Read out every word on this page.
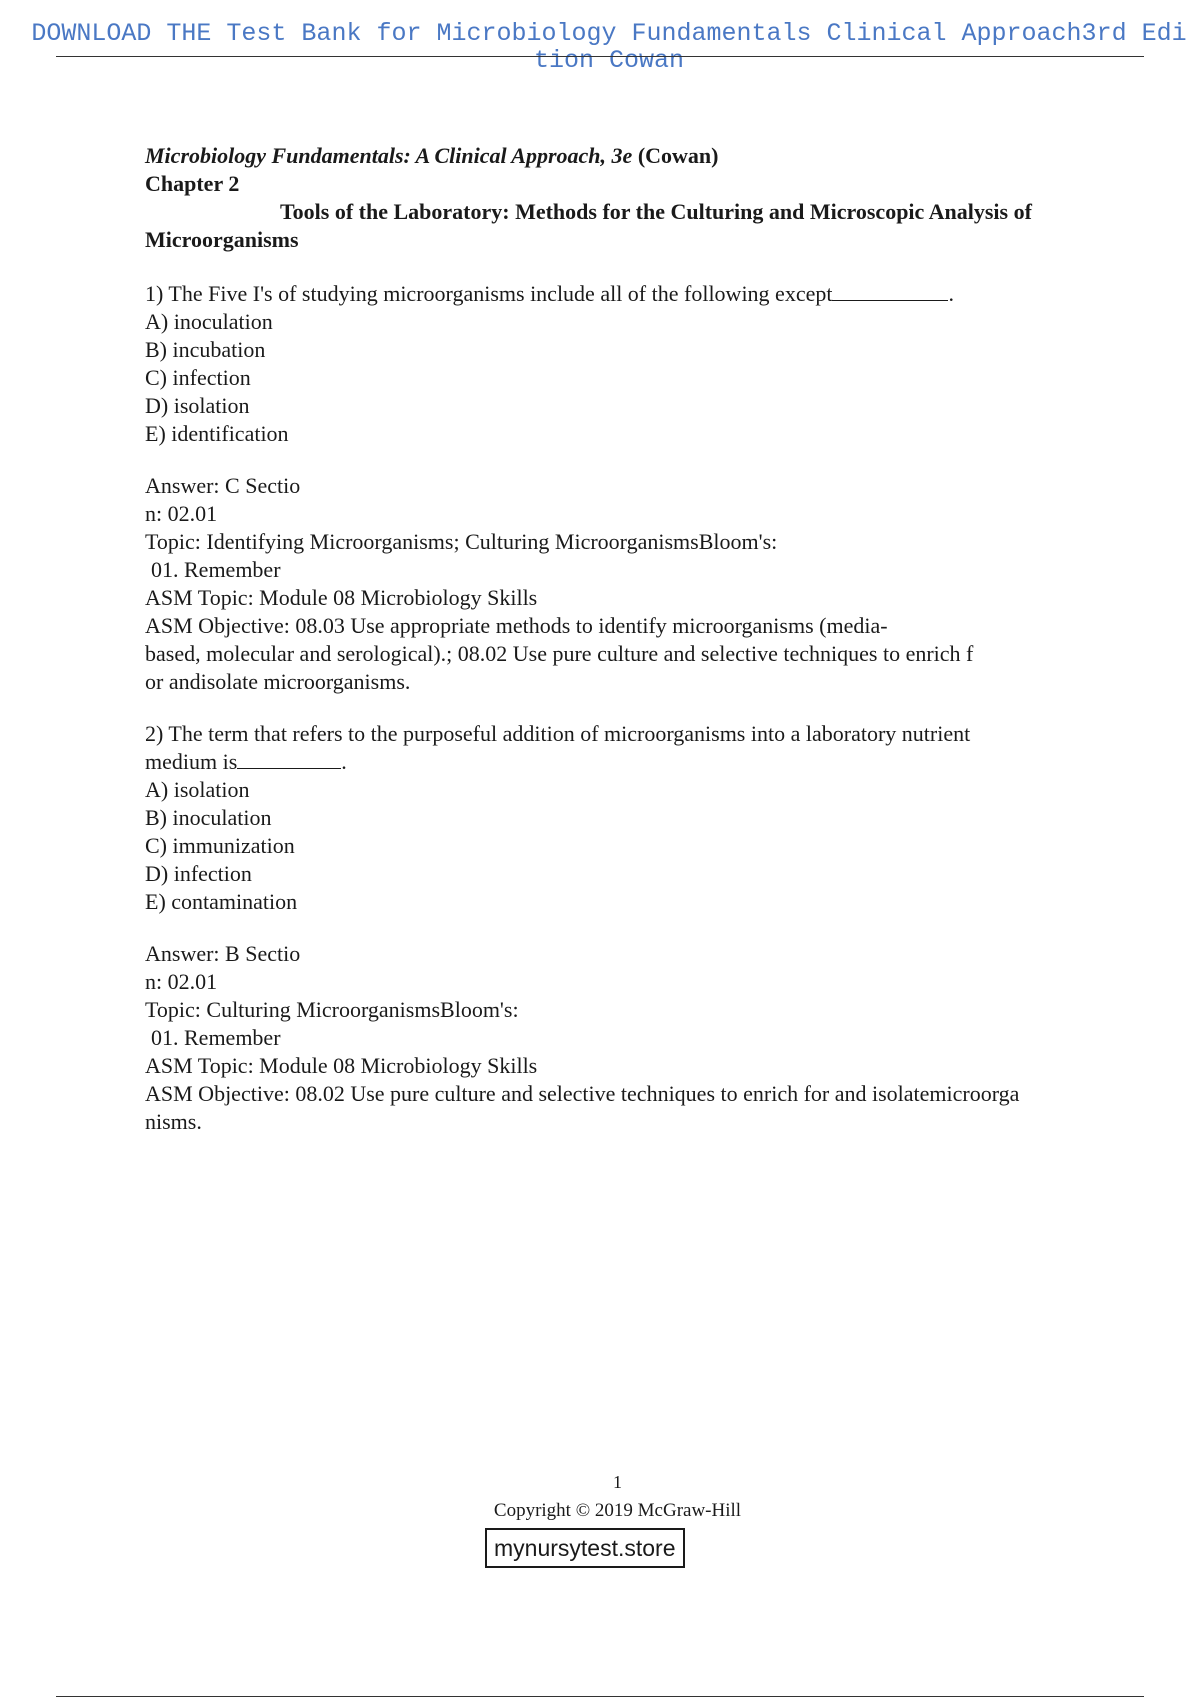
DOWNLOAD THE Test Bank for Microbiology Fundamentals Clinical Approach3rd Edition Cowan
Microbiology Fundamentals: A Clinical Approach, 3e (Cowan)
Chapter 2
Tools of the Laboratory: Methods for the Culturing and Microscopic Analysis of Microorganisms

1) The Five I's of studying microorganisms include all of the following except	.

A) inoculation

B) incubation

C) infection

D) isolation

E) identification

Answer: C Sectio

n: 02.01

Topic: Identifying Microorganisms; Culturing MicroorganismsBloom's:

01. Remember

ASM Topic: Module 08 Microbiology Skills

ASM Objective: 08.03 Use appropriate methods to identify microorganisms (media-

based, molecular and serological).; 08.02 Use pure culture and selective techniques to enrich f

or andisolate microorganisms.

2) The term that refers to the purposeful addition of microorganisms into a laboratory nutrient

medium is	.

A) isolation

B) inoculation

C) immunization

D) infection

E) contamination

Answer: B Sectio

n: 02.01

Topic: Culturing MicroorganismsBloom's:

01. Remember

ASM Topic: Module 08 Microbiology Skills

ASM Objective: 08.02 Use pure culture and selective techniques to enrich for and isolatemicroorga

nisms.

1
Copyright © 2019 McGraw-Hill
mynursytest.store
